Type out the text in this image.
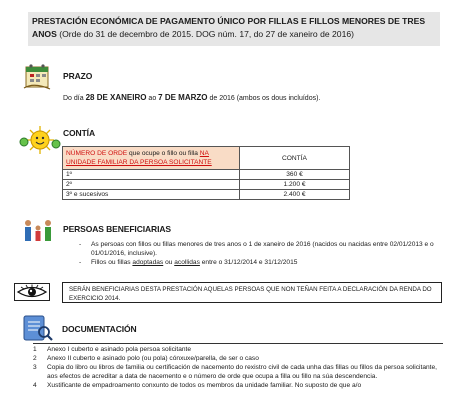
PRESTACIÓN ECONÓMICA DE PAGAMENTO ÚNICO POR FILLAS E FILLOS MENORES DE TRES ANOS (Orde do 31 de decembro de 2015. DOG núm. 17, do 27 de xaneiro de 2016)
PRAZO
Do día 28 DE XANEIRO ao 7 DE MARZO de 2016 (ambos os dous incluídos).
CONTÍA
NÚMERO DE ORDE que ocupe o fillo ou filla NA UNIDADE FAMILIAR DA PERSOA SOLICITANTE	CONTÍA
1º	360 €
2º	1.200 €
3º e sucesivos	2.400 €
PERSOAS BENEFICIARIAS
- As persoas con fillos ou fillas menores de tres anos o 1 de xaneiro de 2016 (nacidos ou nacidas entre 02/01/2013 e o 01/01/2016, inclusive).
- Fillos ou fillas adoptadas ou acollidas entre o 31/12/2014 e 31/12/2015
SERÁN BENEFICIARIAS DESTA PRESTACIÓN AQUELAS PERSOAS QUE NON TEÑAN FEITA A DECLARACIÓN DA RENDA DO EXERCICIO 2014.
DOCUMENTACIÓN
1	Anexo I cuberto e asinado pola persoa solicitante
2	Anexo II cuberto e asinado polo (ou pola) cónxuxe/parella, de ser o caso
3	Copia do libro ou libros de familia ou certificación de nacemento do rexistro civil de cada unha das fillas ou fillos da persoa solicitante, aos efectos de acreditar a data de nacemento e o número de orde que ocupa a filla ou fillo na súa descendencia.
4	Xustificante de empadroamento conxunto de todos os membros da unidade familiar. No suposto de que a/o
